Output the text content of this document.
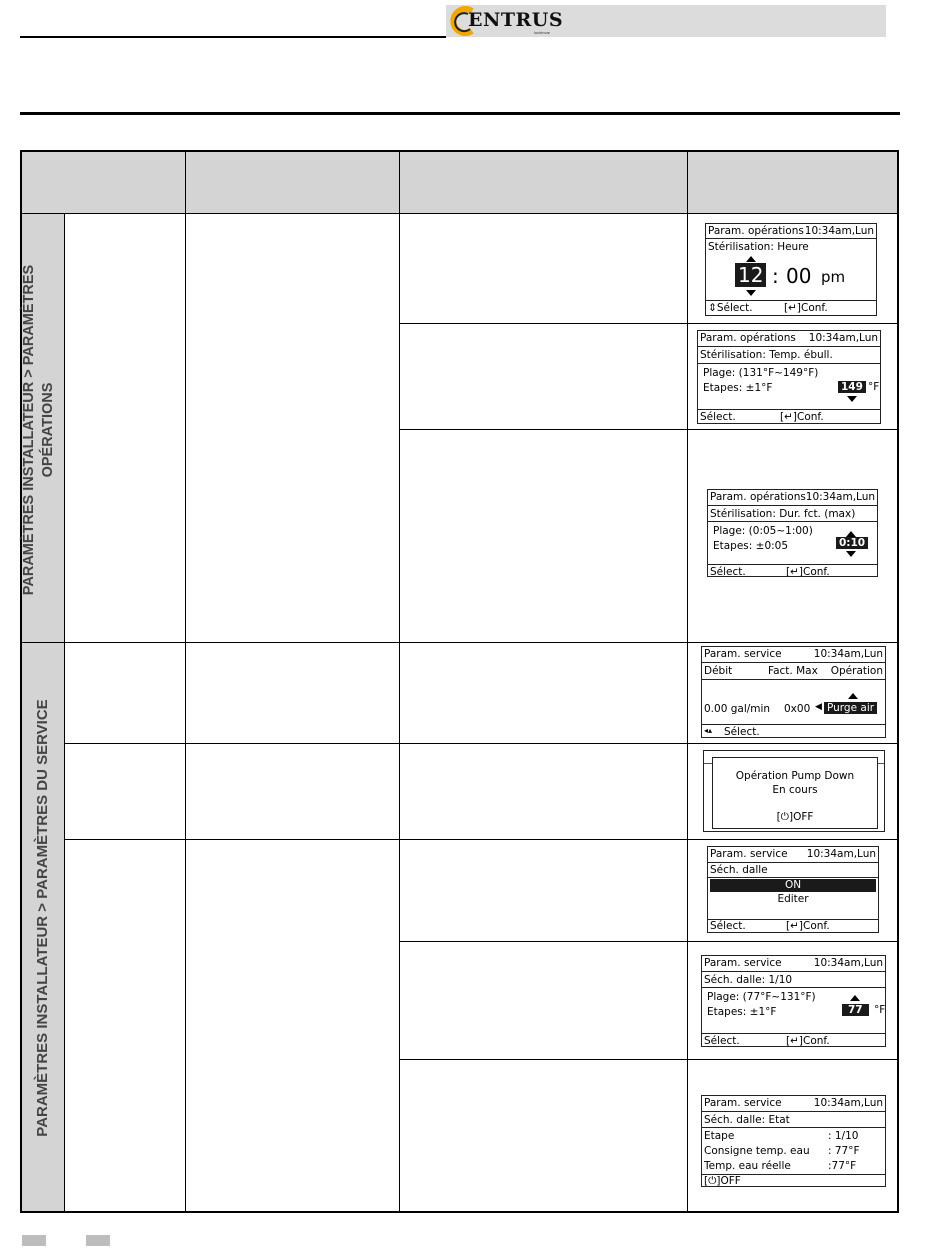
ENTRUS
lochinvar
PARAMÈTRES INSTALLATEUR > PARAMÈTRES OPÉRATIONS
PARAMÈTRES INSTALLATEUR > PARAMÈTRES DU SERVICE
Param. opérations 10:34am,Lun
Stérilisation: Heure
12 : 00 pm
⇕Sélect.	[↵]Conf.
Param. opérations 10:34am,Lun
Stérilisation: Temp. ébull.
Plage: (131°F~149°F)
Etapes: ±1°F	149 °F
Sélect.	[↵]Conf.
Param. opérations 10:34am,Lun
Stérilisation: Dur. fct. (max)
Plage: (0:05~1:00)
Etapes: ±0:05	0:10
Sélect.	[↵]Conf.
Param. service	10:34am,Lun
Débit	Fact. Max Opération
0.00 gal/min 0x00 ◀ Purge air
◂▴ Sélect.
Opération Pump Down
En cours
[⏻]OFF
Param. service 10:34am,Lun
Séch. dalle
ON
Editer
Sélect.	[↵]Conf.
Param. service	10:34am,Lun
Séch. dalle: 1/10
Plage: (77°F~131°F)
Etapes: ±1°F	77	°F
Sélect.	[↵]Conf.
Param. service	10:34am,Lun
Séch. dalle: Etat
Etape	: 1/10
Consigne temp. eau : 77°F
Temp. eau réelle	:77°F
[⏻]OFF
